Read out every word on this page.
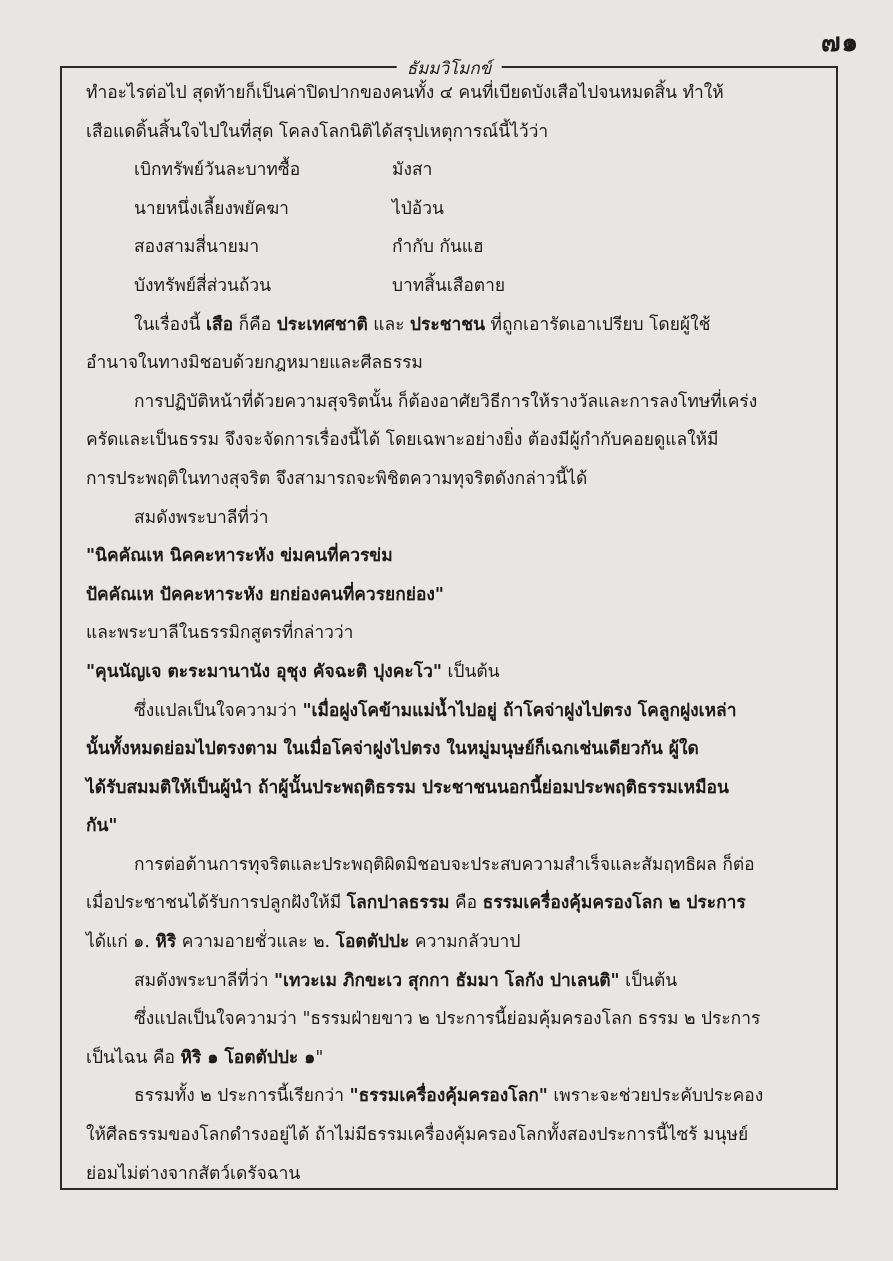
๗๑
ธัมมวิโมกข์
ทำอะไรต่อไป สุดท้ายก็เป็นค่าปิดปากของคนทั้ง ๔ คนที่เบียดบังเสือไปจนหมดสิ้น ทำให้
เสือแดดิ้นสิ้นใจไปในที่สุด โคลงโลกนิติได้สรุปเหตุการณ์นี้ไว้ว่า
เบิกทรัพย์วันละบาทซื้อ	มังสา
นายหนึ่งเลี้ยงพยัคฆา	ไป่อ้วน
สองสามสี่นายมา	กำกับ กันแฮ
บังทรัพย์สี่ส่วนถ้วน	บาทสิ้นเสือตาย
ในเรื่องนี้ เสือ ก็คือ ประเทศชาติ และ ประชาชน ที่ถูกเอารัดเอาเปรียบ โดยผู้ใช้
อำนาจในทางมิชอบด้วยกฎหมายและศีลธรรม
การปฏิบัติหน้าที่ด้วยความสุจริตนั้น ก็ต้องอาศัยวิธีการให้รางวัลและการลงโทษที่เคร่ง
ครัดและเป็นธรรม จึงจะจัดการเรื่องนี้ได้ โดยเฉพาะอย่างยิ่ง ต้องมีผู้กำกับคอยดูแลให้มี
การประพฤติในทางสุจริต จึงสามารถจะพิชิตความทุจริตดังกล่าวนี้ได้
สมดังพระบาลีที่ว่า
"นิคคัณเห นิคคะหาระหัง ข่มคนที่ควรข่ม
ปัคคัณเห ปัคคะหาระหัง ยกย่องคนที่ควรยกย่อง"
และพระบาลีในธรรมิกสูตรที่กล่าวว่า
"คุนนัญเจ ตะระมานานัง อุชุง คัจฉะติ ปุงคะโว" เป็นต้น
ซึ่งแปลเป็นใจความว่า "เมื่อฝูงโคข้ามแม่น้ำไปอยู่ ถ้าโคจ่าฝูงไปตรง โคลูกฝูงเหล่า
นั้นทั้งหมดย่อมไปตรงตาม ในเมื่อโคจ่าฝูงไปตรง ในหมู่มนุษย์ก็เฉกเช่นเดียวกัน ผู้ใด
ได้รับสมมติให้เป็นผู้นำ ถ้าผู้นั้นประพฤติธรรม ประชาชนนอกนี้ย่อมประพฤติธรรมเหมือน
กัน"
การต่อต้านการทุจริตและประพฤติผิดมิชอบจะประสบความสำเร็จและสัมฤทธิผล ก็ต่อ
เมื่อประชาชนได้รับการปลูกฝังให้มี โลกปาลธรรม คือ ธรรมเครื่องคุ้มครองโลก ๒ ประการ
ได้แก่ ๑. หิริ ความอายชั่วและ ๒. โอตตัปปะ ความกลัวบาป
สมดังพระบาลีที่ว่า "เทวะเม ภิกขะเว สุกกา ธัมมา โลกัง ปาเลนติ" เป็นต้น
ซึ่งแปลเป็นใจความว่า "ธรรมฝ่ายขาว ๒ ประการนี้ย่อมคุ้มครองโลก ธรรม ๒ ประการ
เป็นไฉน คือ หิริ ๑ โอตตัปปะ ๑"
ธรรมทั้ง ๒ ประการนี้เรียกว่า "ธรรมเครื่องคุ้มครองโลก" เพราะจะช่วยประคับประคอง
ให้ศีลธรรมของโลกดำรงอยู่ได้ ถ้าไม่มีธรรมเครื่องคุ้มครองโลกทั้งสองประการนี้ไซร้ มนุษย์
ย่อมไม่ต่างจากสัตว์เดรัจฉาน
